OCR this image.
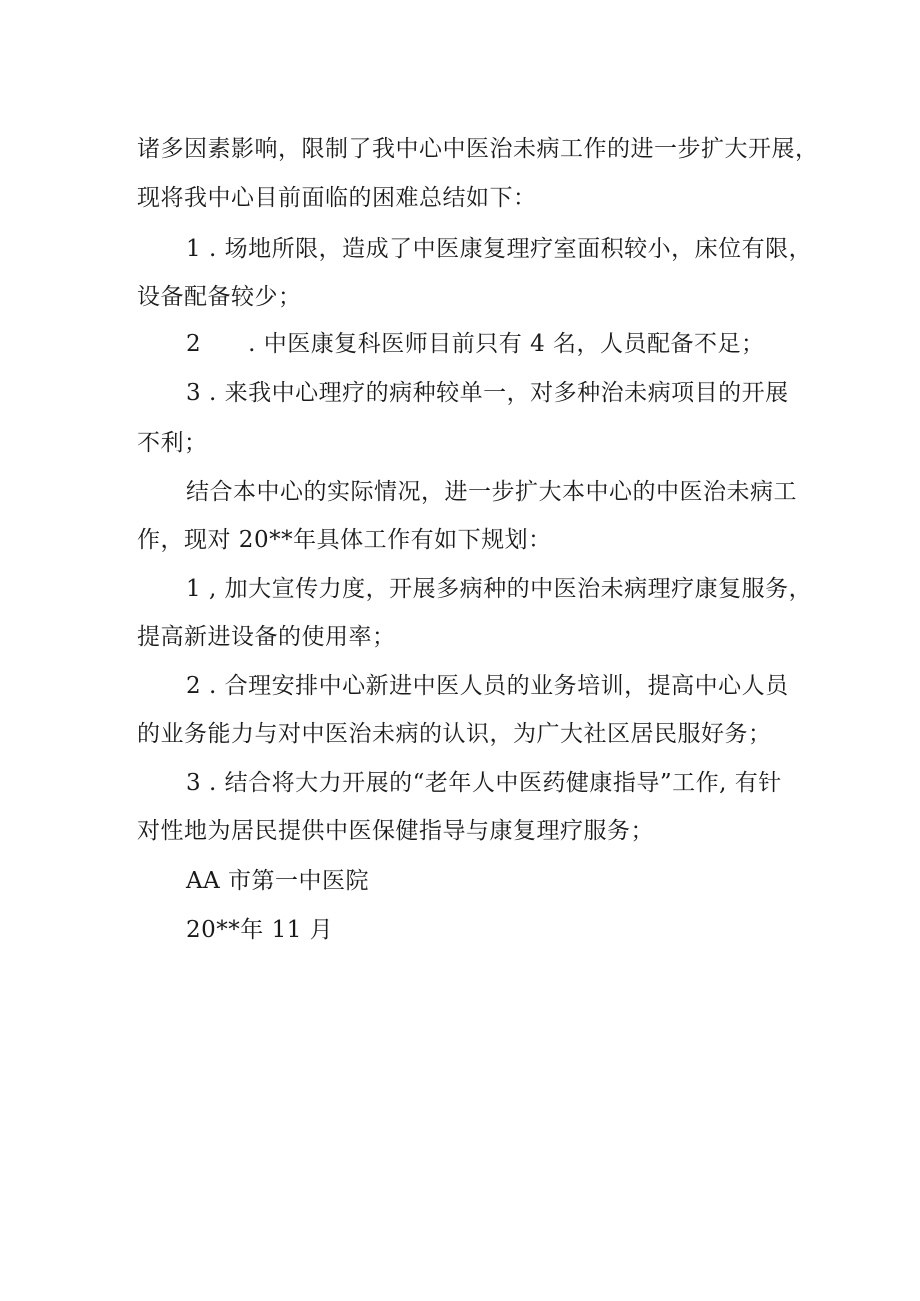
诸多因素影响，限制了我中心中医治未病工作的进一步扩大开展，
现将我中心目前面临的困难总结如下：
1 . 场地所限，造成了中医康复理疗室面积较小，床位有限，
设备配备较少；
2　　. 中医康复科医师目前只有 4 名，人员配备不足；
3 . 来我中心理疗的病种较单一，对多种治未病项目的开展
不利；
结合本中心的实际情况，进一步扩大本中心的中医治未病工
作，现对 20**年具体工作有如下规划：
1 , 加大宣传力度，开展多病种的中医治未病理疗康复服务，
提高新进设备的使用率；
2 . 合理安排中心新进中医人员的业务培训，提高中心人员
的业务能力与对中医治未病的认识，为广大社区居民服好务；
3 . 结合将大力开展的“老年人中医药健康指导”工作, 有针
对性地为居民提供中医保健指导与康复理疗服务；
AA 市第一中医院
20**年 11 月
